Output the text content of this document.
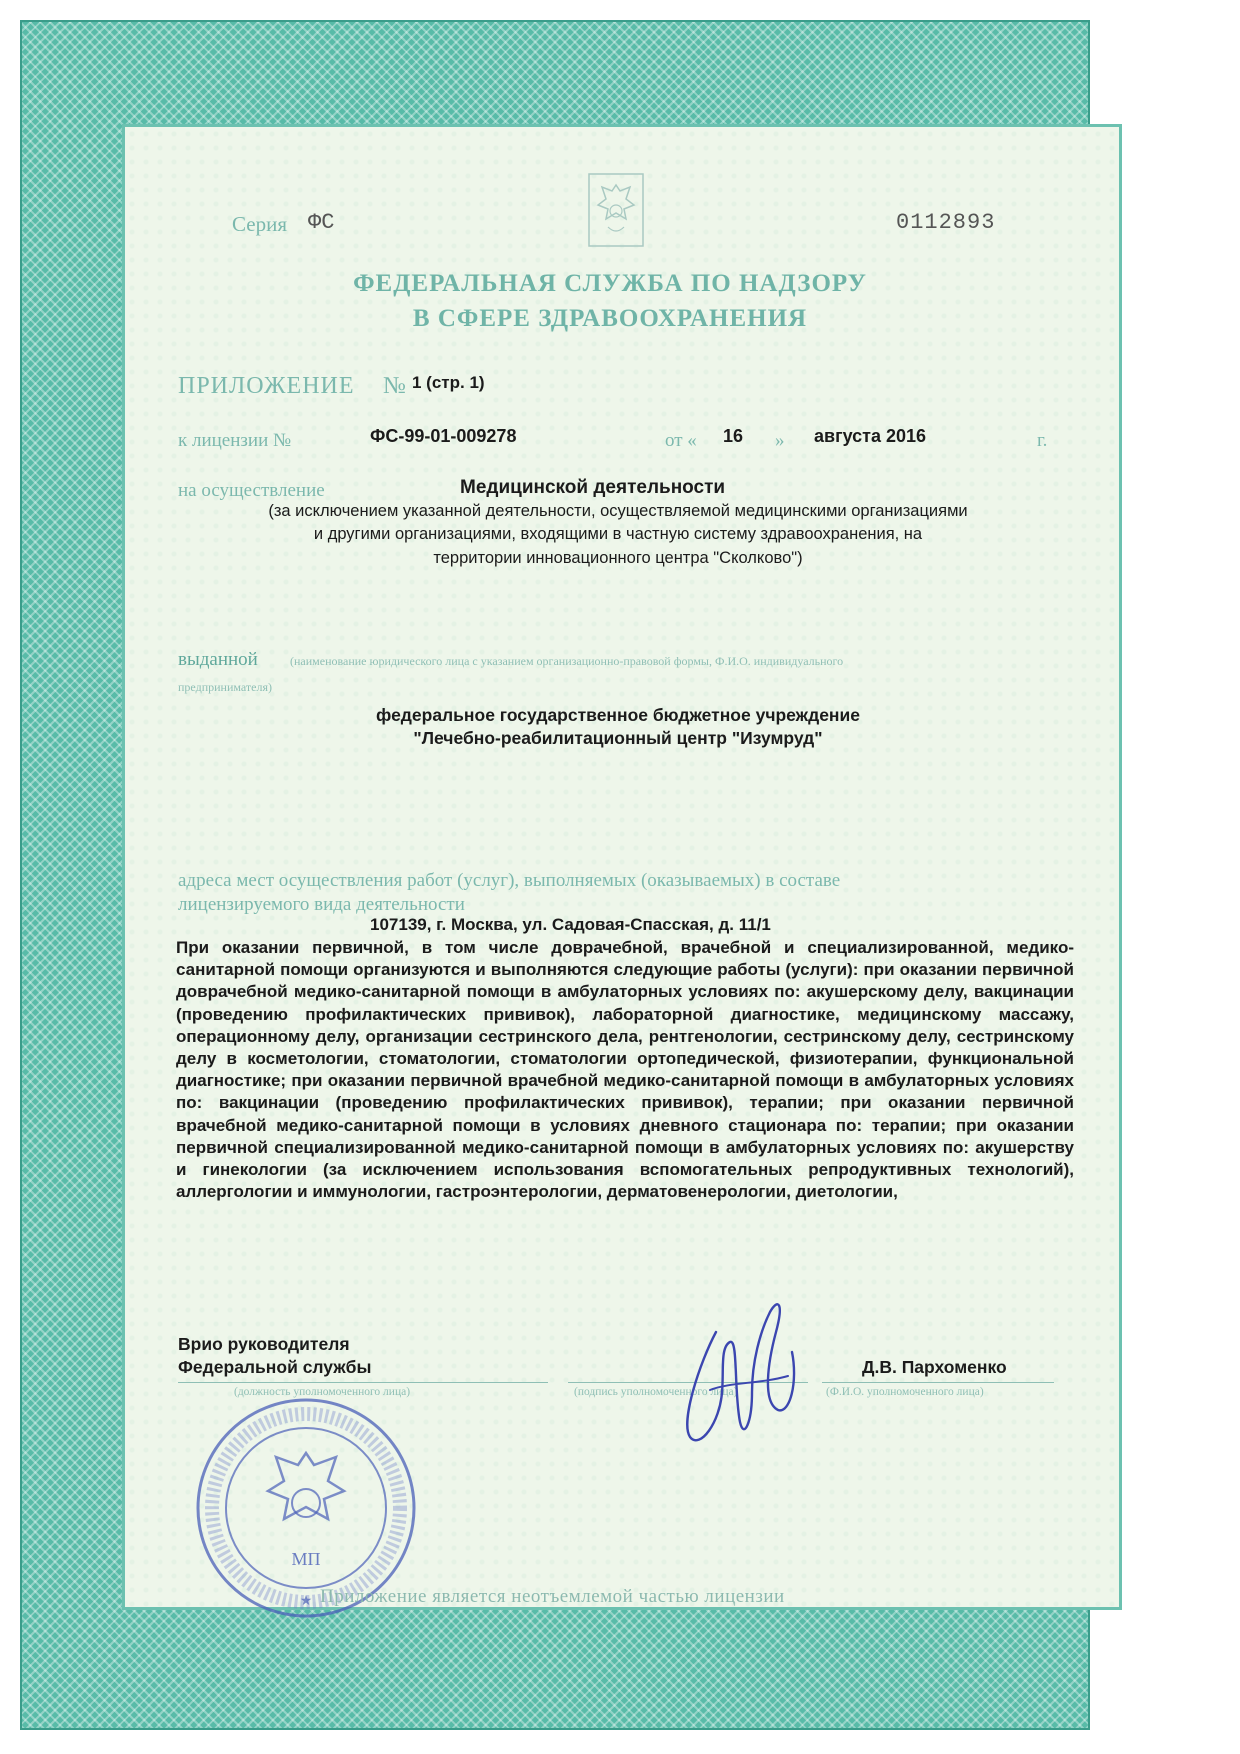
Серия ФС	0112893
ФЕДЕРАЛЬНАЯ СЛУЖБА ПО НАДЗОРУ
В СФЕРЕ ЗДРАВООХРАНЕНИЯ
ПРИЛОЖЕНИЕ № 1 (стр. 1)
к лицензии №	ФС-99-01-009278	от « 16 » августа 2016	г.
на осуществление	Медицинской деятельности
(за исключением указанной деятельности, осуществляемой медицинскими организациями
и другими организациями, входящими в частную систему здравоохранения, на
территории инновационного центра "Сколково")
выданной	(наименование юридического лица с указанием организационно-правовой формы, Ф.И.О. индивидуального
предпринимателя)
федеральное государственное бюджетное учреждение
"Лечебно-реабилитационный центр "Изумруд"
адреса мест осуществления работ (услуг), выполняемых (оказываемых) в составе
лицензируемого вида деятельности
107139, г. Москва, ул. Садовая-Спасская, д. 11/1
При оказании первичной, в том числе доврачебной, врачебной и специализированной, медико-санитарной помощи организуются и выполняются следующие работы (услуги): при оказании первичной доврачебной медико-санитарной помощи в амбулаторных условиях по: акушерскому делу, вакцинации (проведению профилактических прививок), лабораторной диагностике, медицинскому массажу, операционному делу, организации сестринского дела, рентгенологии, сестринскому делу, сестринскому делу в косметологии, стоматологии, стоматологии ортопедической, физиотерапии, функциональной диагностике; при оказании первичной врачебной медико-санитарной помощи в амбулаторных условиях по: вакцинации (проведению профилактических прививок), терапии; при оказании первичной врачебной медико-санитарной помощи в условиях дневного стационара по: терапии; при оказании первичной специализированной медико-санитарной помощи в амбулаторных условиях по: акушерству и гинекологии (за исключением использования вспомогательных репродуктивных технологий), аллергологии и иммунологии, гастроэнтерологии, дерматовенерологии, диетологии,
Врио руководителя
Федеральной службы	Д.В. Пархоменко
(должность уполномоченного лица)	(подпись уполномоченного лица)	(Ф.И.О. уполномоченного лица)
МП
★ Приложение является неотъемлемой частью лицензии
